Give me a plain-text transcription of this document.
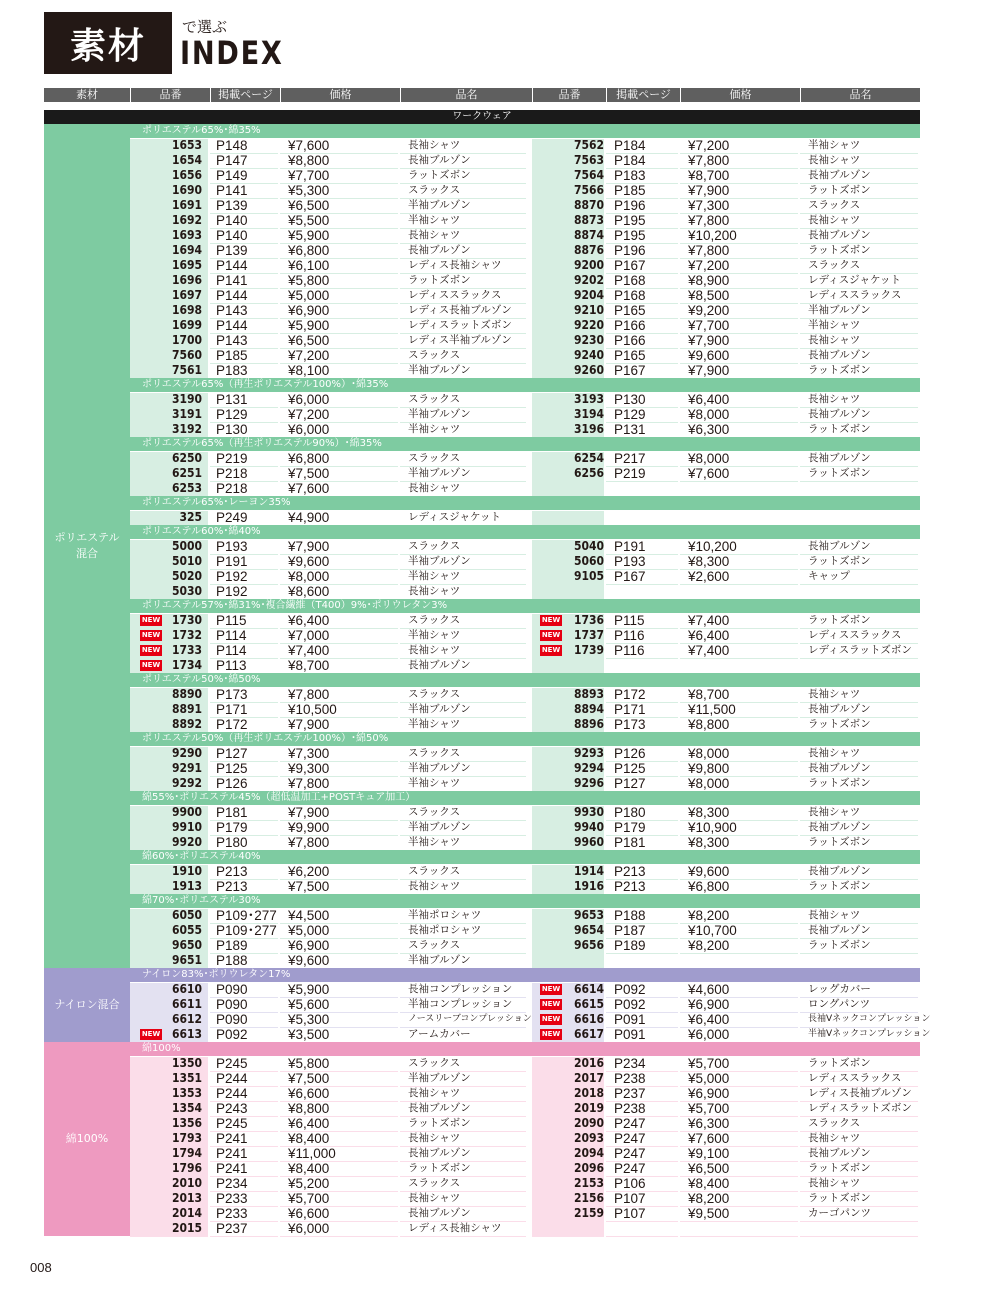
素材	で選ぶ
INDEX
素材	品番	掲載ページ	価格	品名	品番	掲載ページ	価格	品名
ワークウェア
ポリエステル65%･綿35%
1653 P148	¥7,600	長袖シャツ	7562 P184	¥7,200	半袖シャツ
1654 P147	¥8,800	長袖ブルゾン	7563 P184	¥7,800	長袖シャツ
1656 P149	¥7,700	ラットズボン	7564 P183	¥8,700	長袖ブルゾン
1690 P141	¥5,300	スラックス	7566 P185	¥7,900	ラットズボン
1691 P139	¥6,500	半袖ブルゾン	8870 P196	¥7,300	スラックス
1692 P140	¥5,500	半袖シャツ	8873 P195	¥7,800	長袖シャツ
1693 P140	¥5,900	長袖シャツ	8874 P195	¥10,200	長袖ブルゾン
1694 P139	¥6,800	長袖ブルゾン	8876 P196	¥7,800	ラットズボン
1695 P144	¥6,100	レディス長袖シャツ	9200 P167	¥7,200	スラックス
1696 P141	¥5,800	ラットズボン	9202 P168	¥8,900	レディスジャケット
1697 P144	¥5,000	レディススラックス	9204 P168	¥8,500	レディススラックス
1698 P143	¥6,900	レディス長袖ブルゾン	9210 P165	¥9,200	半袖ブルゾン
1699 P144	¥5,900	レディスラットズボン	9220 P166	¥7,700	半袖シャツ
1700 P143	¥6,500	レディス半袖ブルゾン	9230 P166	¥7,900	長袖シャツ
7560 P185	¥7,200	スラックス	9240 P165	¥9,600	長袖ブルゾン
7561 P183	¥8,100	半袖ブルゾン	9260 P167	¥7,900	ラットズボン
ポリエステル65%（再生ポリエステル100%）･綿35%
3190 P131	¥6,000	スラックス	3193 P130	¥6,400	長袖シャツ
3191 P129	¥7,200	半袖ブルゾン	3194 P129	¥8,000	長袖ブルゾン
3192 P130	¥6,000	半袖シャツ	3196 P131	¥6,300	ラットズボン
ポリエステル65%（再生ポリエステル90%）･綿35%
6250 P219	¥6,800	スラックス	6254 P217	¥8,000	長袖ブルゾン
6251 P218	¥7,500	半袖ブルゾン	6256 P219	¥7,600	ラットズボン
6253 P218	¥7,600	長袖シャツ
ポリエステル65%･レーヨン35%
325 P249	¥4,900	レディスジャケット
ポリエステル60%･綿40%
5000 P193	¥7,900	スラックス	5040 P191	¥10,200	長袖ブルゾン
5010 P191	¥9,600	半袖ブルゾン	5060 P193	¥8,300	ラットズボン
5020 P192	¥8,000	半袖シャツ	9105 P167	¥2,600	キャップ
5030 P192	¥8,600	長袖シャツ
ポリエステル57%･綿31%･複合繊維（T400）9%･ポリウレタン3%
NEW 1730 P115	¥6,400	スラックス	NEW	1736 P115	¥7,400	ラットズボン
NEW 1732 P114	¥7,000	半袖シャツ	NEW	1737 P116	¥6,400	レディススラックス
NEW 1733 P114	¥7,400	長袖シャツ	NEW	1739 P116	¥7,400	レディスラットズボン
NEW 1734 P113	¥8,700	長袖ブルゾン
ポリエステル50%･綿50%
8890 P173	¥7,800	スラックス	8893 P172	¥8,700	長袖シャツ
8891 P171	¥10,500	半袖ブルゾン	8894 P171	¥11,500	長袖ブルゾン
8892 P172	¥7,900	半袖シャツ	8896 P173	¥8,800	ラットズボン
ポリエステル50%（再生ポリエステル100%）･綿50%
9290 P127	¥7,300	スラックス	9293 P126	¥8,000	長袖シャツ
9291 P125	¥9,300	半袖ブルゾン	9294 P125	¥9,800	長袖ブルゾン
9292 P126	¥7,800	半袖シャツ	9296 P127	¥8,000	ラットズボン
綿55%･ポリエステル45%（超低温加工+POSTキュア加工）
9900 P181	¥7,900	スラックス	9930 P180	¥8,300	長袖シャツ
9910 P179	¥9,900	半袖ブルゾン	9940 P179	¥10,900	長袖ブルゾン
9920 P180	¥7,800	半袖シャツ	9960 P181	¥8,300	ラットズボン
綿60%･ポリエステル40%
1910 P213	¥6,200	スラックス	1914 P213	¥9,600	長袖ブルゾン
1913 P213	¥7,500	長袖シャツ	1916 P213	¥6,800	ラットズボン
綿70%･ポリエステル30%
6050 P109･277 ¥4,500	半袖ポロシャツ	9653 P188	¥8,200	長袖シャツ
6055 P109･277 ¥5,000	長袖ポロシャツ	9654 P187	¥10,700	長袖ブルゾン
9650 P189	¥6,900	スラックス	9656 P189	¥8,200	ラットズボン
9651 P188	¥9,600	半袖ブルゾン
ポリエステル
混合
ナイロン83%･ポリウレタン17%
6610 P090	¥5,900	長袖コンプレッション	NEW	6614 P092	¥4,600	レッグカバー
6611 P090	¥5,600	半袖コンプレッション	NEW	6615 P092	¥6,900	ロングパンツ
6612 P090	¥5,300	ノースリーブコンプレッション NEW	6616 P091	¥6,400	長袖Vネックコンプレッション
NEW 6613 P092	¥3,500	アームカバー	NEW	6617 P091	¥6,000	半袖Vネックコンプレッション
ナイロン混合
綿100%
1350 P245	¥5,800	スラックス	2016 P234	¥5,700	ラットズボン
1351 P244	¥7,500	半袖ブルゾン	2017 P238	¥5,000	レディススラックス
1353 P244	¥6,600	長袖シャツ	2018 P237	¥6,900	レディス長袖ブルゾン
1354 P243	¥8,800	長袖ブルゾン	2019 P238	¥5,700	レディスラットズボン
1356 P245	¥6,400	ラットズボン	2090 P247	¥6,300	スラックス
1793 P241	¥8,400	長袖シャツ	2093 P247	¥7,600	長袖シャツ
1794 P241	¥11,000	長袖ブルゾン	2094 P247	¥9,100	長袖ブルゾン
1796 P241	¥8,400	ラットズボン	2096 P247	¥6,500	ラットズボン
2010 P234	¥5,200	スラックス	2153 P106	¥8,400	長袖シャツ
2013 P233	¥5,700	長袖シャツ	2156 P107	¥8,200	ラットズボン
2014 P233	¥6,600	長袖ブルゾン	2159 P107	¥9,500	カーゴパンツ
2015 P237	¥6,000	レディス長袖シャツ
綿100%
008
